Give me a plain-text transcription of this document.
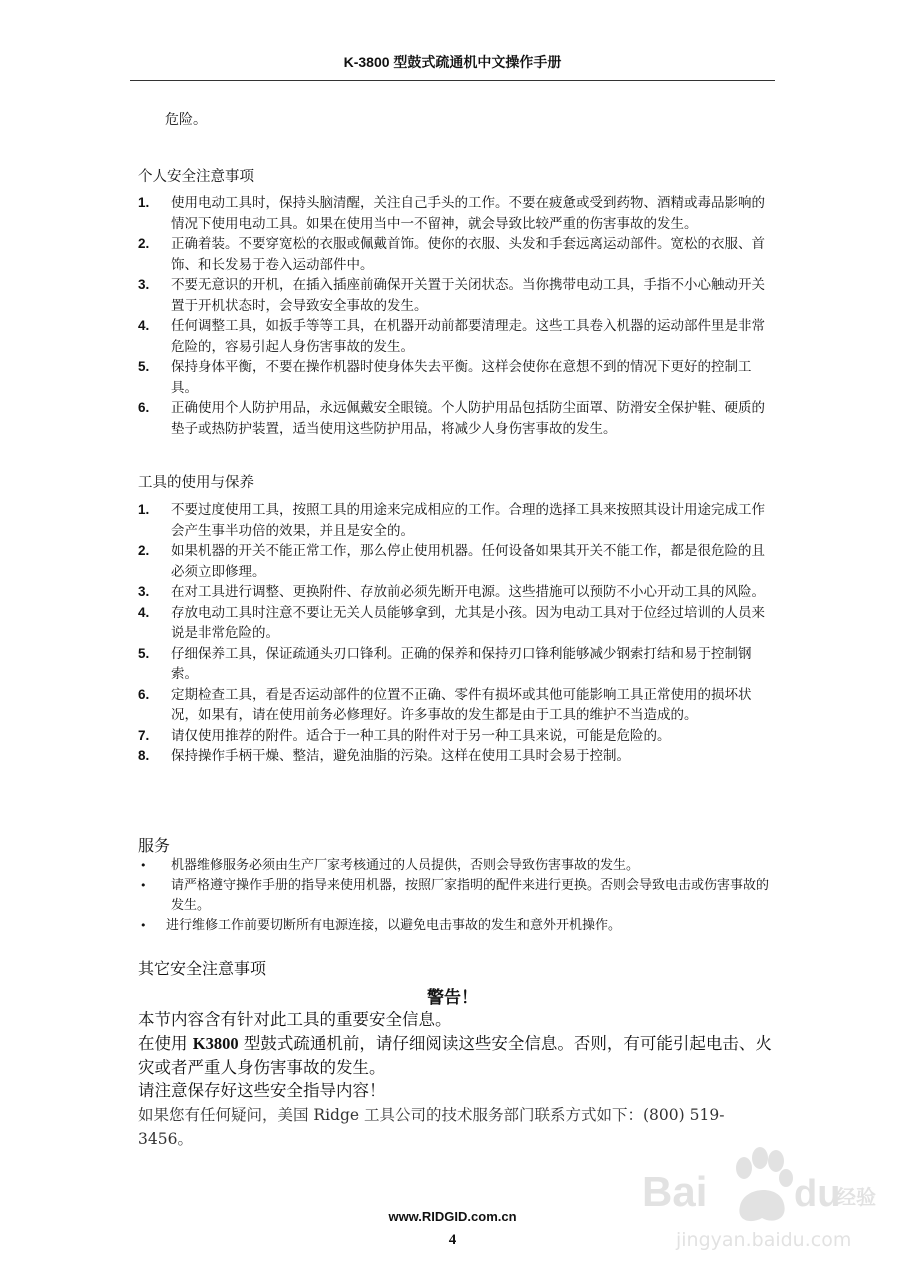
K-3800 型鼓式疏通机中文操作手册
危险。
个人安全注意事项
1. 使用电动工具时，保持头脑清醒，关注自己手头的工作。不要在疲惫或受到药物、酒精或毒品影响的情况下使用电动工具。如果在使用当中一不留神，就会导致比较严重的伤害事故的发生。
2. 正确着装。不要穿宽松的衣服或佩戴首饰。使你的衣服、头发和手套远离运动部件。宽松的衣服、首饰、和长发易于卷入运动部件中。
3. 不要无意识的开机，在插入插座前确保开关置于关闭状态。当你携带电动工具，手指不小心触动开关置于开机状态时，会导致安全事故的发生。
4. 任何调整工具，如扳手等等工具，在机器开动前都要清理走。这些工具卷入机器的运动部件里是非常危险的，容易引起人身伤害事故的发生。
5. 保持身体平衡，不要在操作机器时使身体失去平衡。这样会使你在意想不到的情况下更好的控制工具。
6. 正确使用个人防护用品，永远佩戴安全眼镜。个人防护用品包括防尘面罩、防滑安全保护鞋、硬质的垫子或热防护装置，适当使用这些防护用品，将减少人身伤害事故的发生。
工具的使用与保养
1. 不要过度使用工具，按照工具的用途来完成相应的工作。合理的选择工具来按照其设计用途完成工作会产生事半功倍的效果，并且是安全的。
2. 如果机器的开关不能正常工作，那么停止使用机器。任何设备如果其开关不能工作，都是很危险的且必须立即修理。
3. 在对工具进行调整、更换附件、存放前必须先断开电源。这些措施可以预防不小心开动工具的风险。
4. 存放电动工具时注意不要让无关人员能够拿到，尤其是小孩。因为电动工具对于位经过培训的人员来说是非常危险的。
5. 仔细保养工具，保证疏通头刃口锋利。正确的保养和保持刃口锋利能够减少钢索打结和易于控制钢索。
6. 定期检查工具，看是否运动部件的位置不正确、零件有损坏或其他可能影响工具正常使用的损坏状况，如果有，请在使用前务必修理好。许多事故的发生都是由于工具的维护不当造成的。
7. 请仅使用推荐的附件。适合于一种工具的附件对于另一种工具来说，可能是危险的。
8. 保持操作手柄干燥、整洁，避免油脂的污染。这样在使用工具时会易于控制。
服务
• 机器维修服务必须由生产厂家考核通过的人员提供，否则会导致伤害事故的发生。
• 请严格遵守操作手册的指导来使用机器，按照厂家指明的配件来进行更换。否则会导致电击或伤害事故的发生。
• 进行维修工作前要切断所有电源连接，以避免电击事故的发生和意外开机操作。
其它安全注意事项
警告！
本节内容含有针对此工具的重要安全信息。
在使用 K3800 型鼓式疏通机前，请仔细阅读这些安全信息。否则，有可能引起电击、火灾或者严重人身伤害事故的发生。
请注意保存好这些安全指导内容！
如果您有任何疑问，美国 Ridge 工具公司的技术服务部门联系方式如下：(800) 519-3456。
www.RIDGID.com.cn
4
Bai du
经验
jingyan.baidu.com
